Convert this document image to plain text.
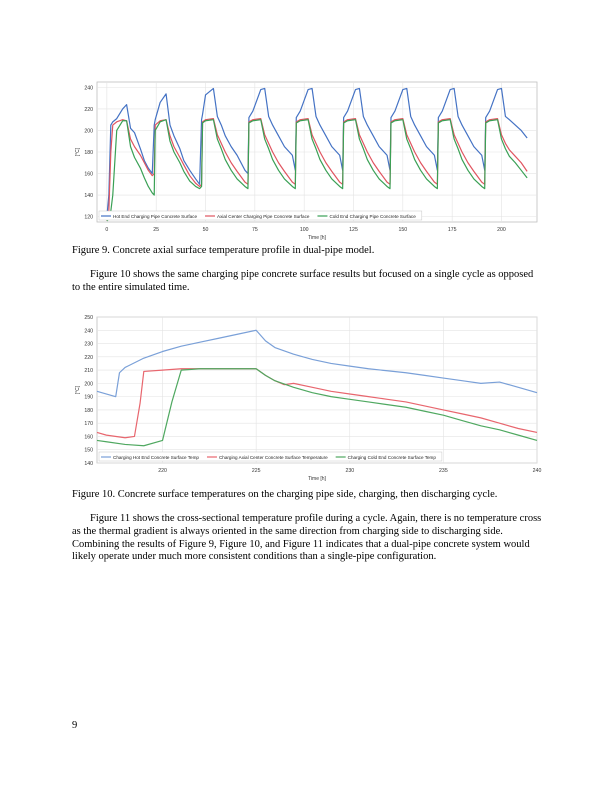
120
140
160
180
200
220
240
0	25	50	75	100	125	150	175	200
Time [h]
[°C]
Hot End Charging Pipe Concrete Surface	Axial Center Charging Pipe Concrete Surface	Cold End Charging Pipe Concrete Surface
Figure 9. Concrete axial surface temperature profile in dual-pipe model.
Figure 10 shows the same charging pipe concrete surface results but focused on a single cycle as opposed to the entire simulated time.
140
150
160
170
180
190
200
210
220
230
240
250
220	225	230	235	240
Time [h]
[°C]
Charging Hot End Concrete Surface Temp	Charging Axial Center Concrete Surface Temperature	Charging Cold End Concrete Surface Temp
Figure 10. Concrete surface temperatures on the charging pipe side, charging, then discharging cycle.
Figure 11 shows the cross-sectional temperature profile during a cycle. Again, there is no temperature cross as the thermal gradient is always oriented in the same direction from charging side to discharging side. Combining the results of Figure 9, Figure 10, and Figure 11 indicates that a dual-pipe concrete system would likely operate under much more consistent conditions than a single-pipe configuration.
9
